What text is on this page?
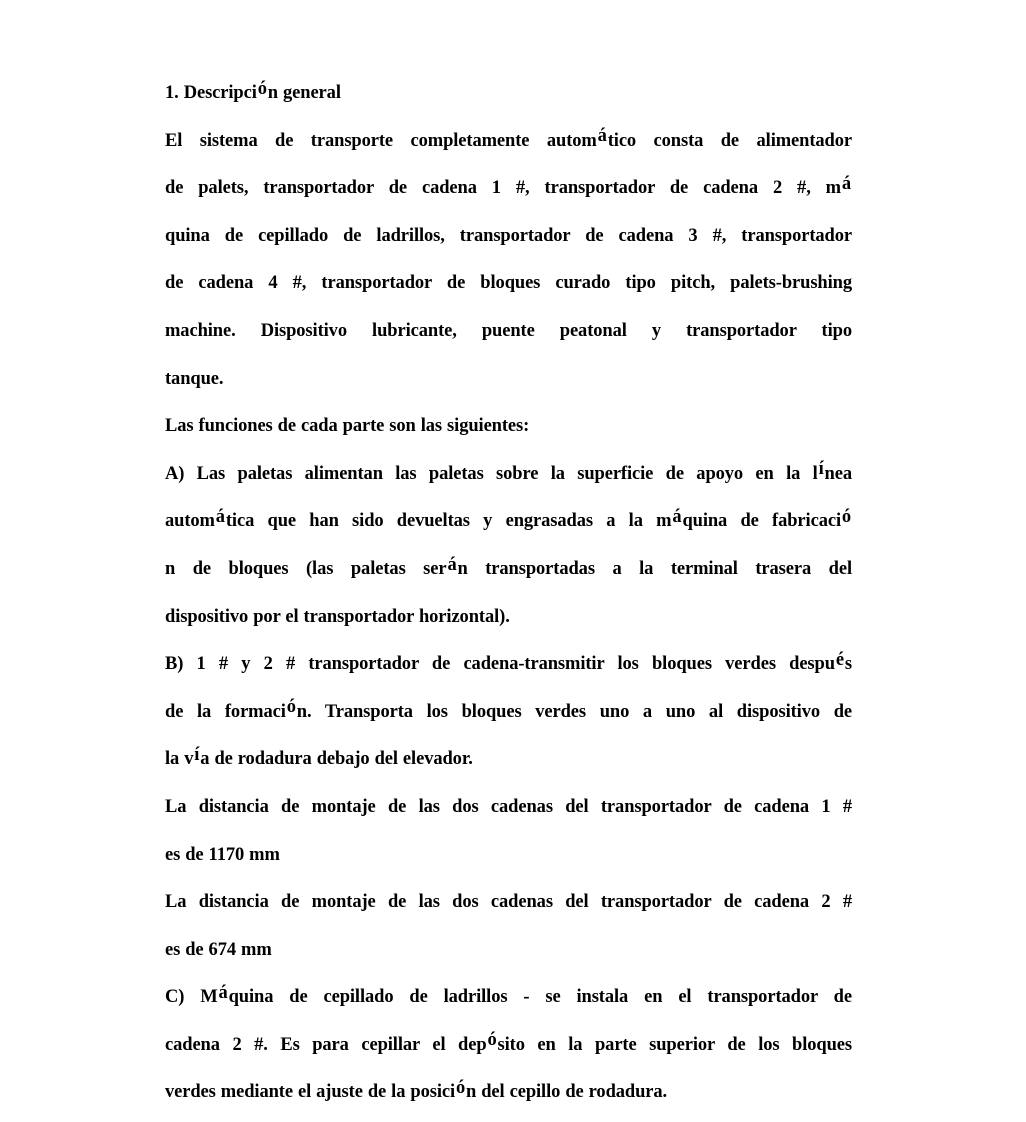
1. Descripción general
El sistema de transporte completamente automático consta de alimentador
de palets, transportador de cadena 1 #, transportador de cadena 2 #, má
quina de cepillado de ladrillos, transportador de cadena 3 #, transportador
de cadena 4 #, transportador de bloques curado tipo pitch, palets-brushing
machine. Dispositivo lubricante, puente peatonal y transportador tipo
tanque.
Las funciones de cada parte son las siguientes:
A) Las paletas alimentan las paletas sobre la superficie de apoyo en la línea
automática que han sido devueltas y engrasadas a la máquina de fabricació
n de bloques (las paletas serán transportadas a la terminal trasera del
dispositivo por el transportador horizontal).
B) 1 # y 2 # transportador de cadena-transmitir los bloques verdes después
de la formación. Transporta los bloques verdes uno a uno al dispositivo de
la vía de rodadura debajo del elevador.
La distancia de montaje de las dos cadenas del transportador de cadena 1 #
es de 1170 mm
La distancia de montaje de las dos cadenas del transportador de cadena 2 #
es de 674 mm
C) Máquina de cepillado de ladrillos - se instala en el transportador de
cadena 2 #. Es para cepillar el depósito en la parte superior de los bloques
verdes mediante el ajuste de la posición del cepillo de rodadura.
